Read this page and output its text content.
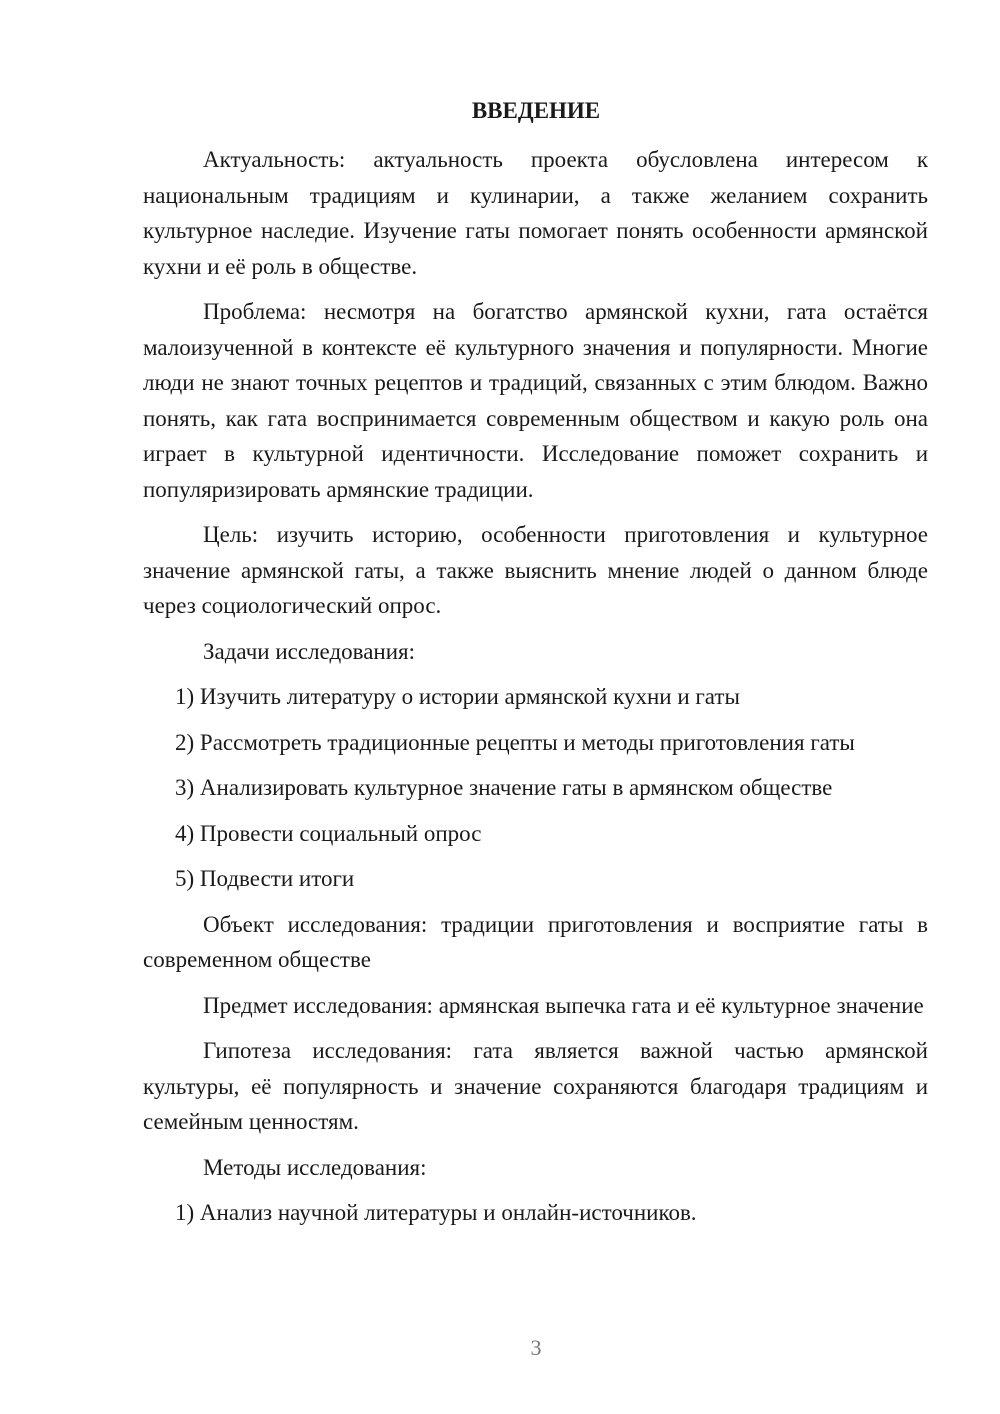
ВВЕДЕНИЕ

Актуальность: актуальность проекта обусловлена интересом к национальным традициям и кулинарии, а также желанием сохранить культурное наследие. Изучение гаты помогает понять особенности армянской кухни и её роль в обществе.

Проблема: несмотря на богатство армянской кухни, гата остаётся малоизученной в контексте её культурного значения и популярности. Многие люди не знают точных рецептов и традиций, связанных с этим блюдом. Важно понять, как гата воспринимается современным обществом и какую роль она играет в культурной идентичности. Исследование поможет сохранить и популяризировать армянские традиции.

Цель: изучить историю, особенности приготовления и культурное значение армянской гаты, а также выяснить мнение людей о данном блюде через социологический опрос.

Задачи исследования:

1) Изучить литературу о истории армянской кухни и гаты
2) Рассмотреть традиционные рецепты и методы приготовления гаты
3) Анализировать культурное значение гаты в армянском обществе
4) Провести социальный опрос
5) Подвести итоги

Объект исследования: традиции приготовления и восприятие гаты в современном обществе

Предмет исследования: армянская выпечка гата и её культурное значение

Гипотеза исследования: гата является важной частью армянской культуры, её популярность и значение сохраняются благодаря традициям и семейным ценностям.

Методы исследования:

1) Анализ научной литературы и онлайн-источников.
3
